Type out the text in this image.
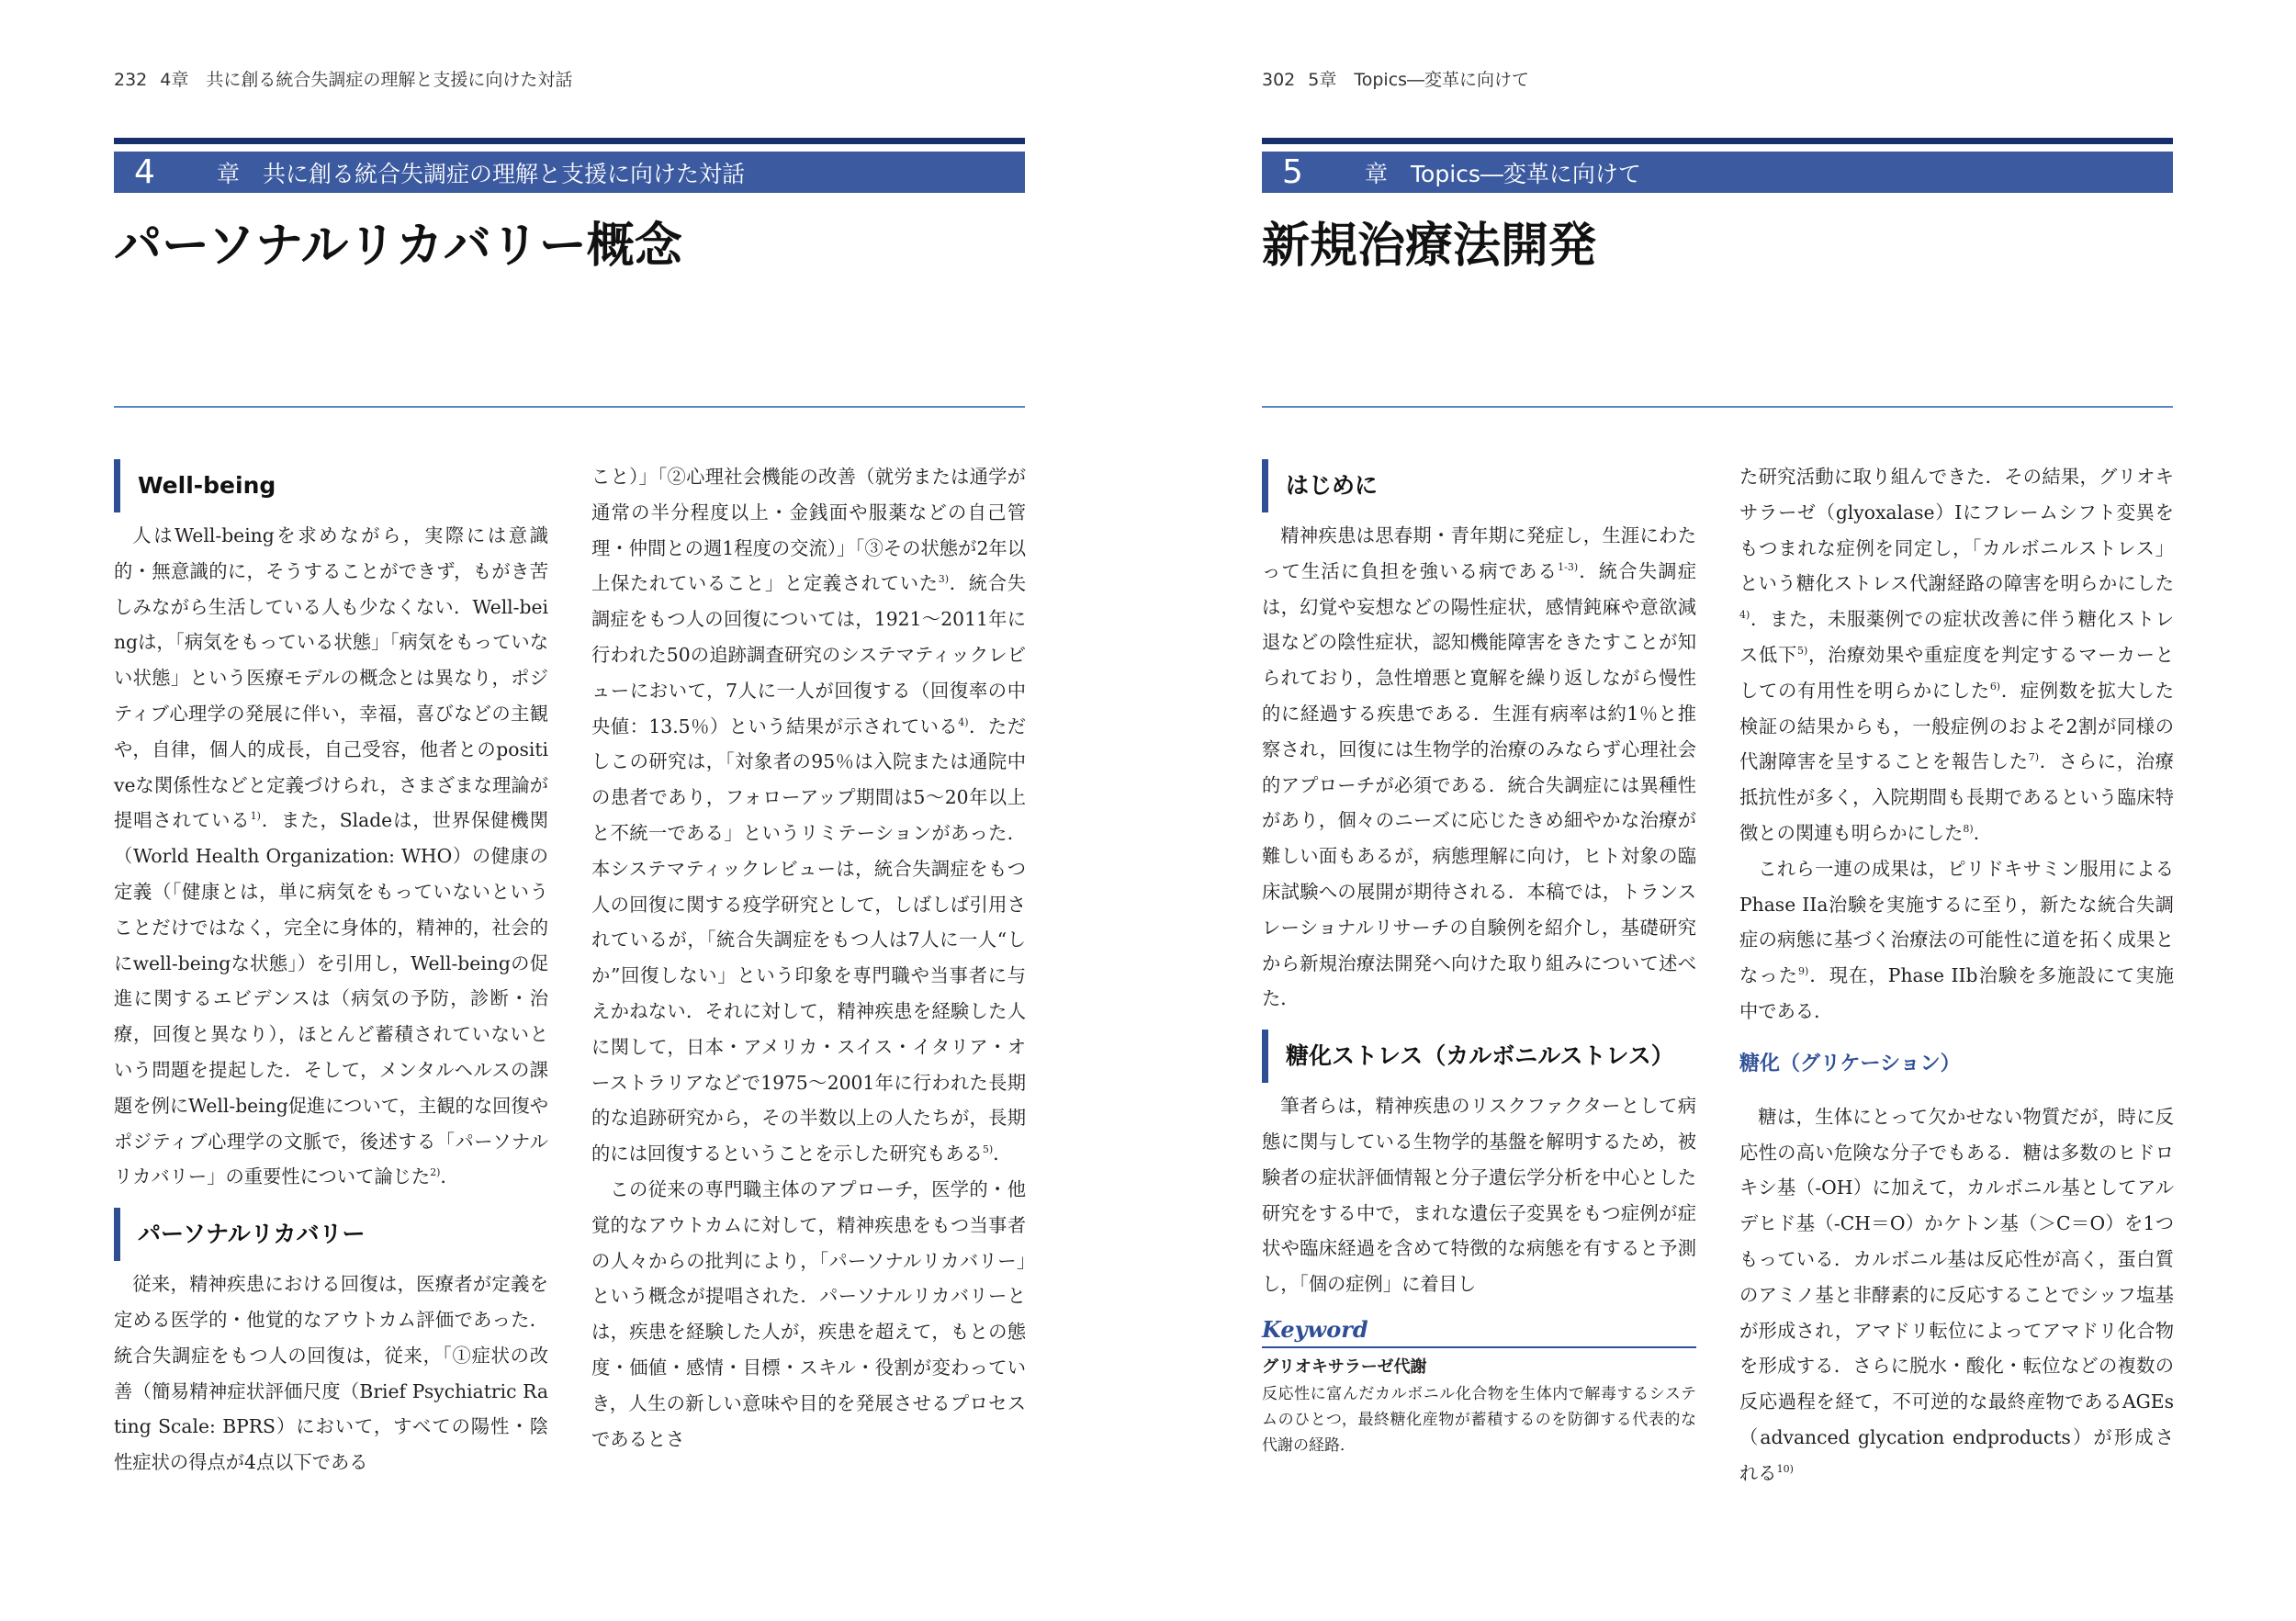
232 4章　共に創る統合失調症の理解と支援に向けた対話
4	章　共に創る統合失調症の理解と支援に向けた対話
パーソナルリカバリー概念
Well-being

人はWell-beingを求めながら，実際には意識的・無意識的に，そうすることができず，もがき苦しみながら生活している人も少なくない．Well-beingは，「病気をもっている状態」「病気をもっていない状態」という医療モデルの概念とは異なり，ポジティブ心理学の発展に伴い，幸福，喜びなどの主観や，自律，個人的成長，自己受容，他者とのpositiveな関係性などと定義づけられ，さまざまな理論が提唱されている$^{1)}$．また，Sladeは，世界保健機関（World Health Organization: WHO）の健康の定義（「健康とは，単に病気をもっていないということだけではなく，完全に身体的，精神的，社会的にwell-beingな状態」）を引用し，Well-beingの促進に関するエビデンスは（病気の予防，診断・治療，回復と異なり），ほとんど蓄積されていないという問題を提起した．そして，メンタルヘルスの課題を例にWell-being促進について，主観的な回復やポジティブ心理学の文脈で，後述する「パーソナルリカバリー」の重要性について論じた$^{2)}$．

パーソナルリカバリー

従来，精神疾患における回復は，医療者が定義を定める医学的・他覚的なアウトカム評価であった．統合失調症をもつ人の回復は，従来，「①症状の改善（簡易精神症状評価尺度（Brief Psychiatric Rating Scale: BPRS）において，すべての陽性・陰性症状の得点が4点以下である

こと）」「②心理社会機能の改善（就労または通学が通常の半分程度以上・金銭面や服薬などの自己管理・仲間との週1程度の交流）」「③その状態が2年以上保たれていること」と定義されていた$^{3)}$．統合失調症をもつ人の回復については，1921〜2011年に行われた50の追跡調査研究のシステマティックレビューにおいて，7人に一人が回復する（回復率の中央値：13.5％）という結果が示されている$^{4)}$．ただしこの研究は，「対象者の95％は入院または通院中の患者であり，フォローアップ期間は5〜20年以上と不統一である」というリミテーションがあった．本システマティックレビューは，統合失調症をもつ人の回復に関する疫学研究として，しばしば引用されているが，「統合失調症をもつ人は7人に一人“しか”回復しない」という印象を専門職や当事者に与えかねない．それに対して，精神疾患を経験した人に関して，日本・アメリカ・スイス・イタリア・オーストラリアなどで1975〜2001年に行われた長期的な追跡研究から，その半数以上の人たちが，長期的には回復するということを示した研究もある$^{5)}$．

この従来の専門職主体のアプローチ，医学的・他覚的なアウトカムに対して，精神疾患をもつ当事者の人々からの批判により，「パーソナルリカバリー」という概念が提唱された．パーソナルリカバリーとは，疾患を経験した人が，疾患を超えて，もとの態度・価値・感情・目標・スキル・役割が変わっていき，人生の新しい意味や目的を発展させるプロセスであるとさ

302 5章　Topics―変革に向けて
5	章　Topics―変革に向けて
新規治療法開発
はじめに

精神疾患は思春期・青年期に発症し，生涯にわたって生活に負担を強いる病である$^{1-3)}$．統合失調症は，幻覚や妄想などの陽性症状，感情鈍麻や意欲減退などの陰性症状，認知機能障害をきたすことが知られており，急性増悪と寛解を繰り返しながら慢性的に経過する疾患である．生涯有病率は約1％と推察され，回復には生物学的治療のみならず心理社会的アプローチが必須である．統合失調症には異種性があり，個々のニーズに応じたきめ細やかな治療が難しい面もあるが，病態理解に向け，ヒト対象の臨床試験への展開が期待される．本稿では，トランスレーショナルリサーチの自験例を紹介し，基礎研究から新規治療法開発へ向けた取り組みについて述べた．

糖化ストレス（カルボニルストレス）

筆者らは，精神疾患のリスクファクターとして病態に関与している生物学的基盤を解明するため，被験者の症状評価情報と分子遺伝学分析を中心とした研究をする中で，まれな遺伝子変異をもつ症例が症状や臨床経過を含めて特徴的な病態を有すると予測し，「個の症例」に着目し

Keyword
グリオキサラーゼ代謝
反応性に富んだカルボニル化合物を生体内で解毒するシステムのひとつ，最終糖化産物が蓄積するのを防御する代表的な代謝の経路．

た研究活動に取り組んできた．その結果，グリオキサラーゼ（glyoxalase）Ⅰにフレームシフト変異をもつまれな症例を同定し，「カルボニルストレス」という糖化ストレス代謝経路の障害を明らかにした$^{4)}$．また，未服薬例での症状改善に伴う糖化ストレス低下$^{5)}$，治療効果や重症度を判定するマーカーとしての有用性を明らかにした$^{6)}$．症例数を拡大した検証の結果からも，一般症例のおよそ2割が同様の代謝障害を呈することを報告した$^{7)}$．さらに，治療抵抗性が多く，入院期間も長期であるという臨床特徴との関連も明らかにした$^{8)}$．

これら一連の成果は，ピリドキサミン服用によるPhase IIa治験を実施するに至り，新たな統合失調症の病態に基づく治療法の可能性に道を拓く成果となった$^{9)}$．現在，Phase IIb治験を多施設にて実施中である．

糖化（グリケーション）

糖は，生体にとって欠かせない物質だが，時に反応性の高い危険な分子でもある．糖は多数のヒドロキシ基（-OH）に加えて，カルボニル基としてアルデヒド基（-CH＝O）かケトン基（＞C＝O）を1つもっている．カルボニル基は反応性が高く，蛋白質のアミノ基と非酵素的に反応することでシッフ塩基が形成され，アマドリ転位によってアマドリ化合物を形成する．さらに脱水・酸化・転位などの複数の反応過程を経て，不可逆的な最終産物であるAGEs（advanced glycation endproducts）が形成される$^{10)}$
